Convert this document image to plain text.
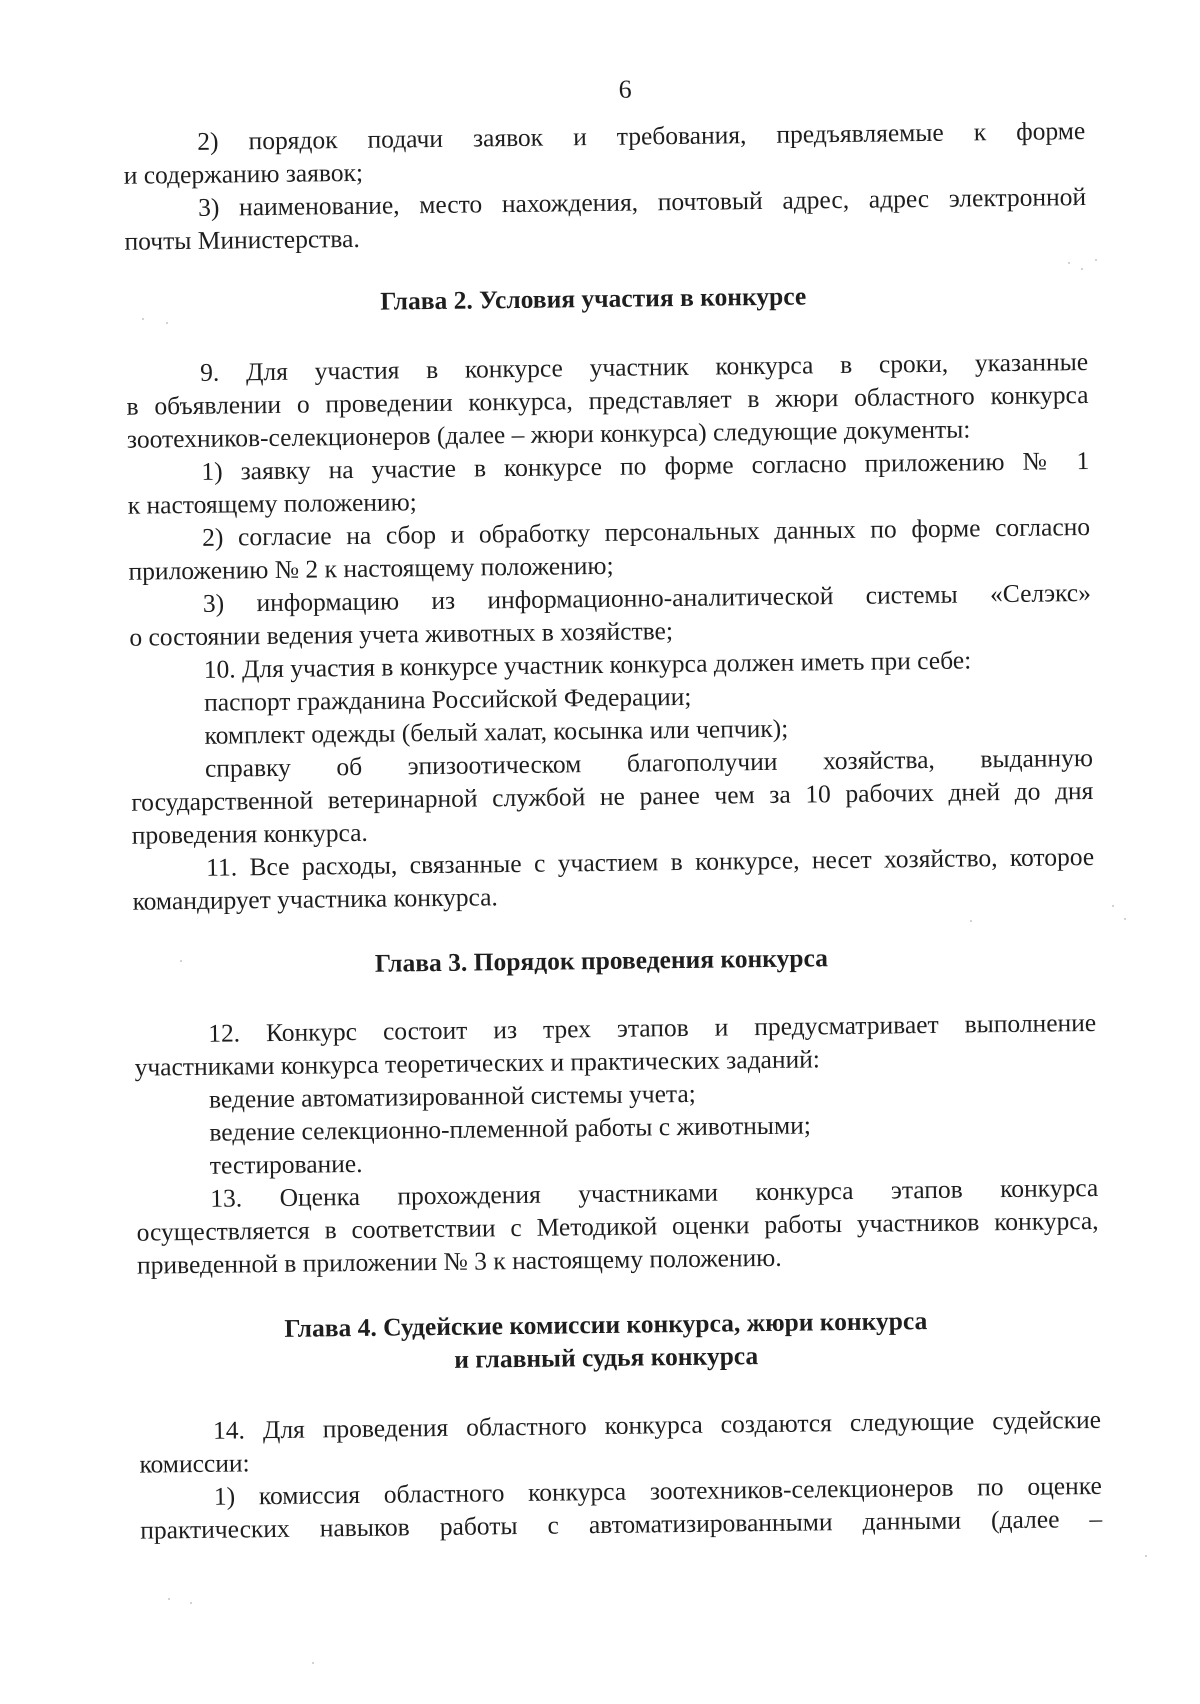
6
2) порядок подачи заявок и требования, предъявляемые к форме
и содержанию заявок;
3) наименование, место нахождения, почтовый адрес, адрес электронной
почты Министерства.
Глава 2. Условия участия в конкурсе
9. Для участия в конкурсе участник конкурса в сроки, указанные
в объявлении о проведении конкурса, представляет в жюри областного конкурса
зоотехников-селекционеров (далее – жюри конкурса) следующие документы:
1) заявку на участие в конкурсе по форме согласно приложению № 1
к настоящему положению;
2) согласие на сбор и обработку персональных данных по форме согласно
приложению № 2 к настоящему положению;
3) информацию из информационно-аналитической системы «Селэкс»
о состоянии ведения учета животных в хозяйстве;
10. Для участия в конкурсе участник конкурса должен иметь при себе:
паспорт гражданина Российской Федерации;
комплект одежды (белый халат, косынка или чепчик);
справку об эпизоотическом благополучии хозяйства, выданную
государственной ветеринарной службой не ранее чем за 10 рабочих дней до дня
проведения конкурса.
11. Все расходы, связанные с участием в конкурсе, несет хозяйство, которое
командирует участника конкурса.
Глава 3. Порядок проведения конкурса
12. Конкурс состоит из трех этапов и предусматривает выполнение
участниками конкурса теоретических и практических заданий:
ведение автоматизированной системы учета;
ведение селекционно-племенной работы с животными;
тестирование.
13. Оценка прохождения участниками конкурса этапов конкурса
осуществляется в соответствии с Методикой оценки работы участников конкурса,
приведенной в приложении № 3 к настоящему положению.
Глава 4. Судейские комиссии конкурса, жюри конкурса
и главный судья конкурса
14. Для проведения областного конкурса создаются следующие судейские
комиссии:
1) комиссия областного конкурса зоотехников-селекционеров по оценке
практических навыков работы с автоматизированными данными (далее –
